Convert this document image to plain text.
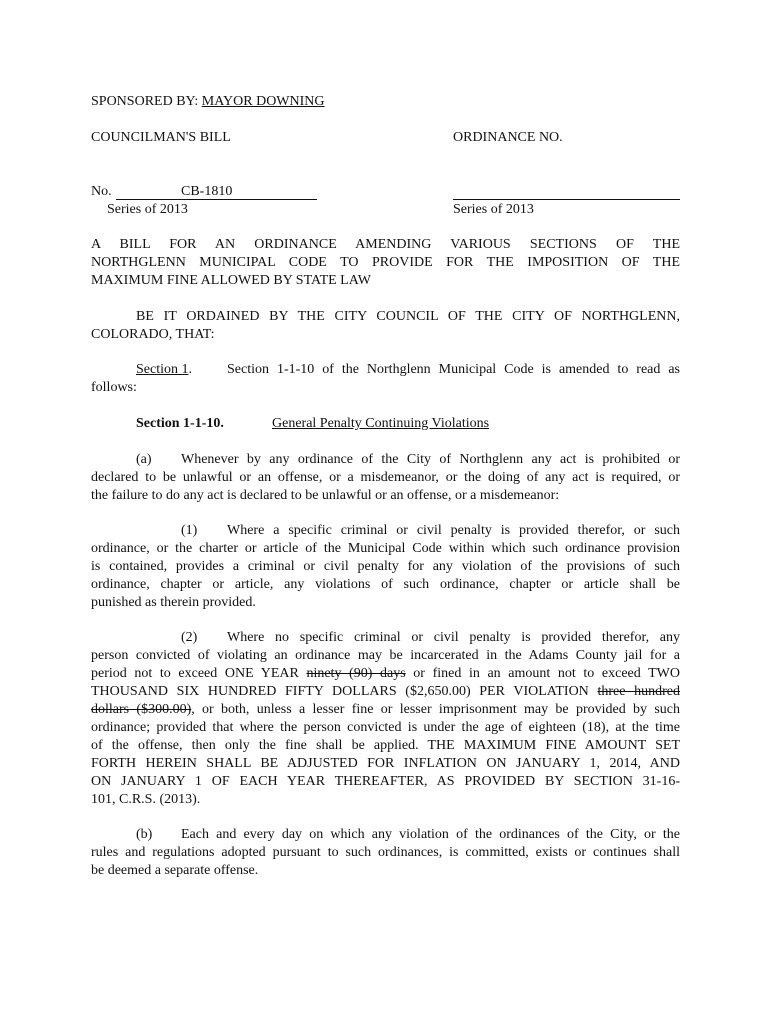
SPONSORED BY: MAYOR DOWNING
COUNCILMAN'S BILL	ORDINANCE NO.
No.	CB-1810
Series of 2013	Series of 2013
A BILL FOR AN ORDINANCE AMENDING VARIOUS SECTIONS OF THE
NORTHGLENN MUNICIPAL CODE TO PROVIDE FOR THE IMPOSITION OF THE
MAXIMUM FINE ALLOWED BY STATE LAW
BE IT ORDAINED BY THE CITY COUNCIL OF THE CITY OF NORTHGLENN,
COLORADO, THAT:
Section 1.	Section 1-1-10 of the Northglenn Municipal Code is amended to read as
follows:
Section 1-1-10.	General Penalty Continuing Violations
(a) Whenever by any ordinance of the City of Northglenn any act is prohibited or
declared to be unlawful or an offense, or a misdemeanor, or the doing of any act is required, or
the failure to do any act is declared to be unlawful or an offense, or a misdemeanor:
(1) Where a specific criminal or civil penalty is provided therefor, or such
ordinance, or the charter or article of the Municipal Code within which such ordinance provision
is contained, provides a criminal or civil penalty for any violation of the provisions of such
ordinance, chapter or article, any violations of such ordinance, chapter or article shall be
punished as therein provided.
(2) Where no specific criminal or civil penalty is provided therefor, any
person convicted of violating an ordinance may be incarcerated in the Adams County jail for a
period not to exceed ONE YEAR ninety (90) days or fined in an amount not to exceed TWO
THOUSAND SIX HUNDRED FIFTY DOLLARS ($2,650.00) PER VIOLATION three hundred
dollars ($300.00), or both, unless a lesser fine or lesser imprisonment may be provided by such
ordinance; provided that where the person convicted is under the age of eighteen (18), at the time
of the offense, then only the fine shall be applied. THE MAXIMUM FINE AMOUNT SET
FORTH HEREIN SHALL BE ADJUSTED FOR INFLATION ON JANUARY 1, 2014, AND
ON JANUARY 1 OF EACH YEAR THEREAFTER, AS PROVIDED BY SECTION 31-16-
101, C.R.S. (2013).
(b) Each and every day on which any violation of the ordinances of the City, or the
rules and regulations adopted pursuant to such ordinances, is committed, exists or continues shall
be deemed a separate offense.
